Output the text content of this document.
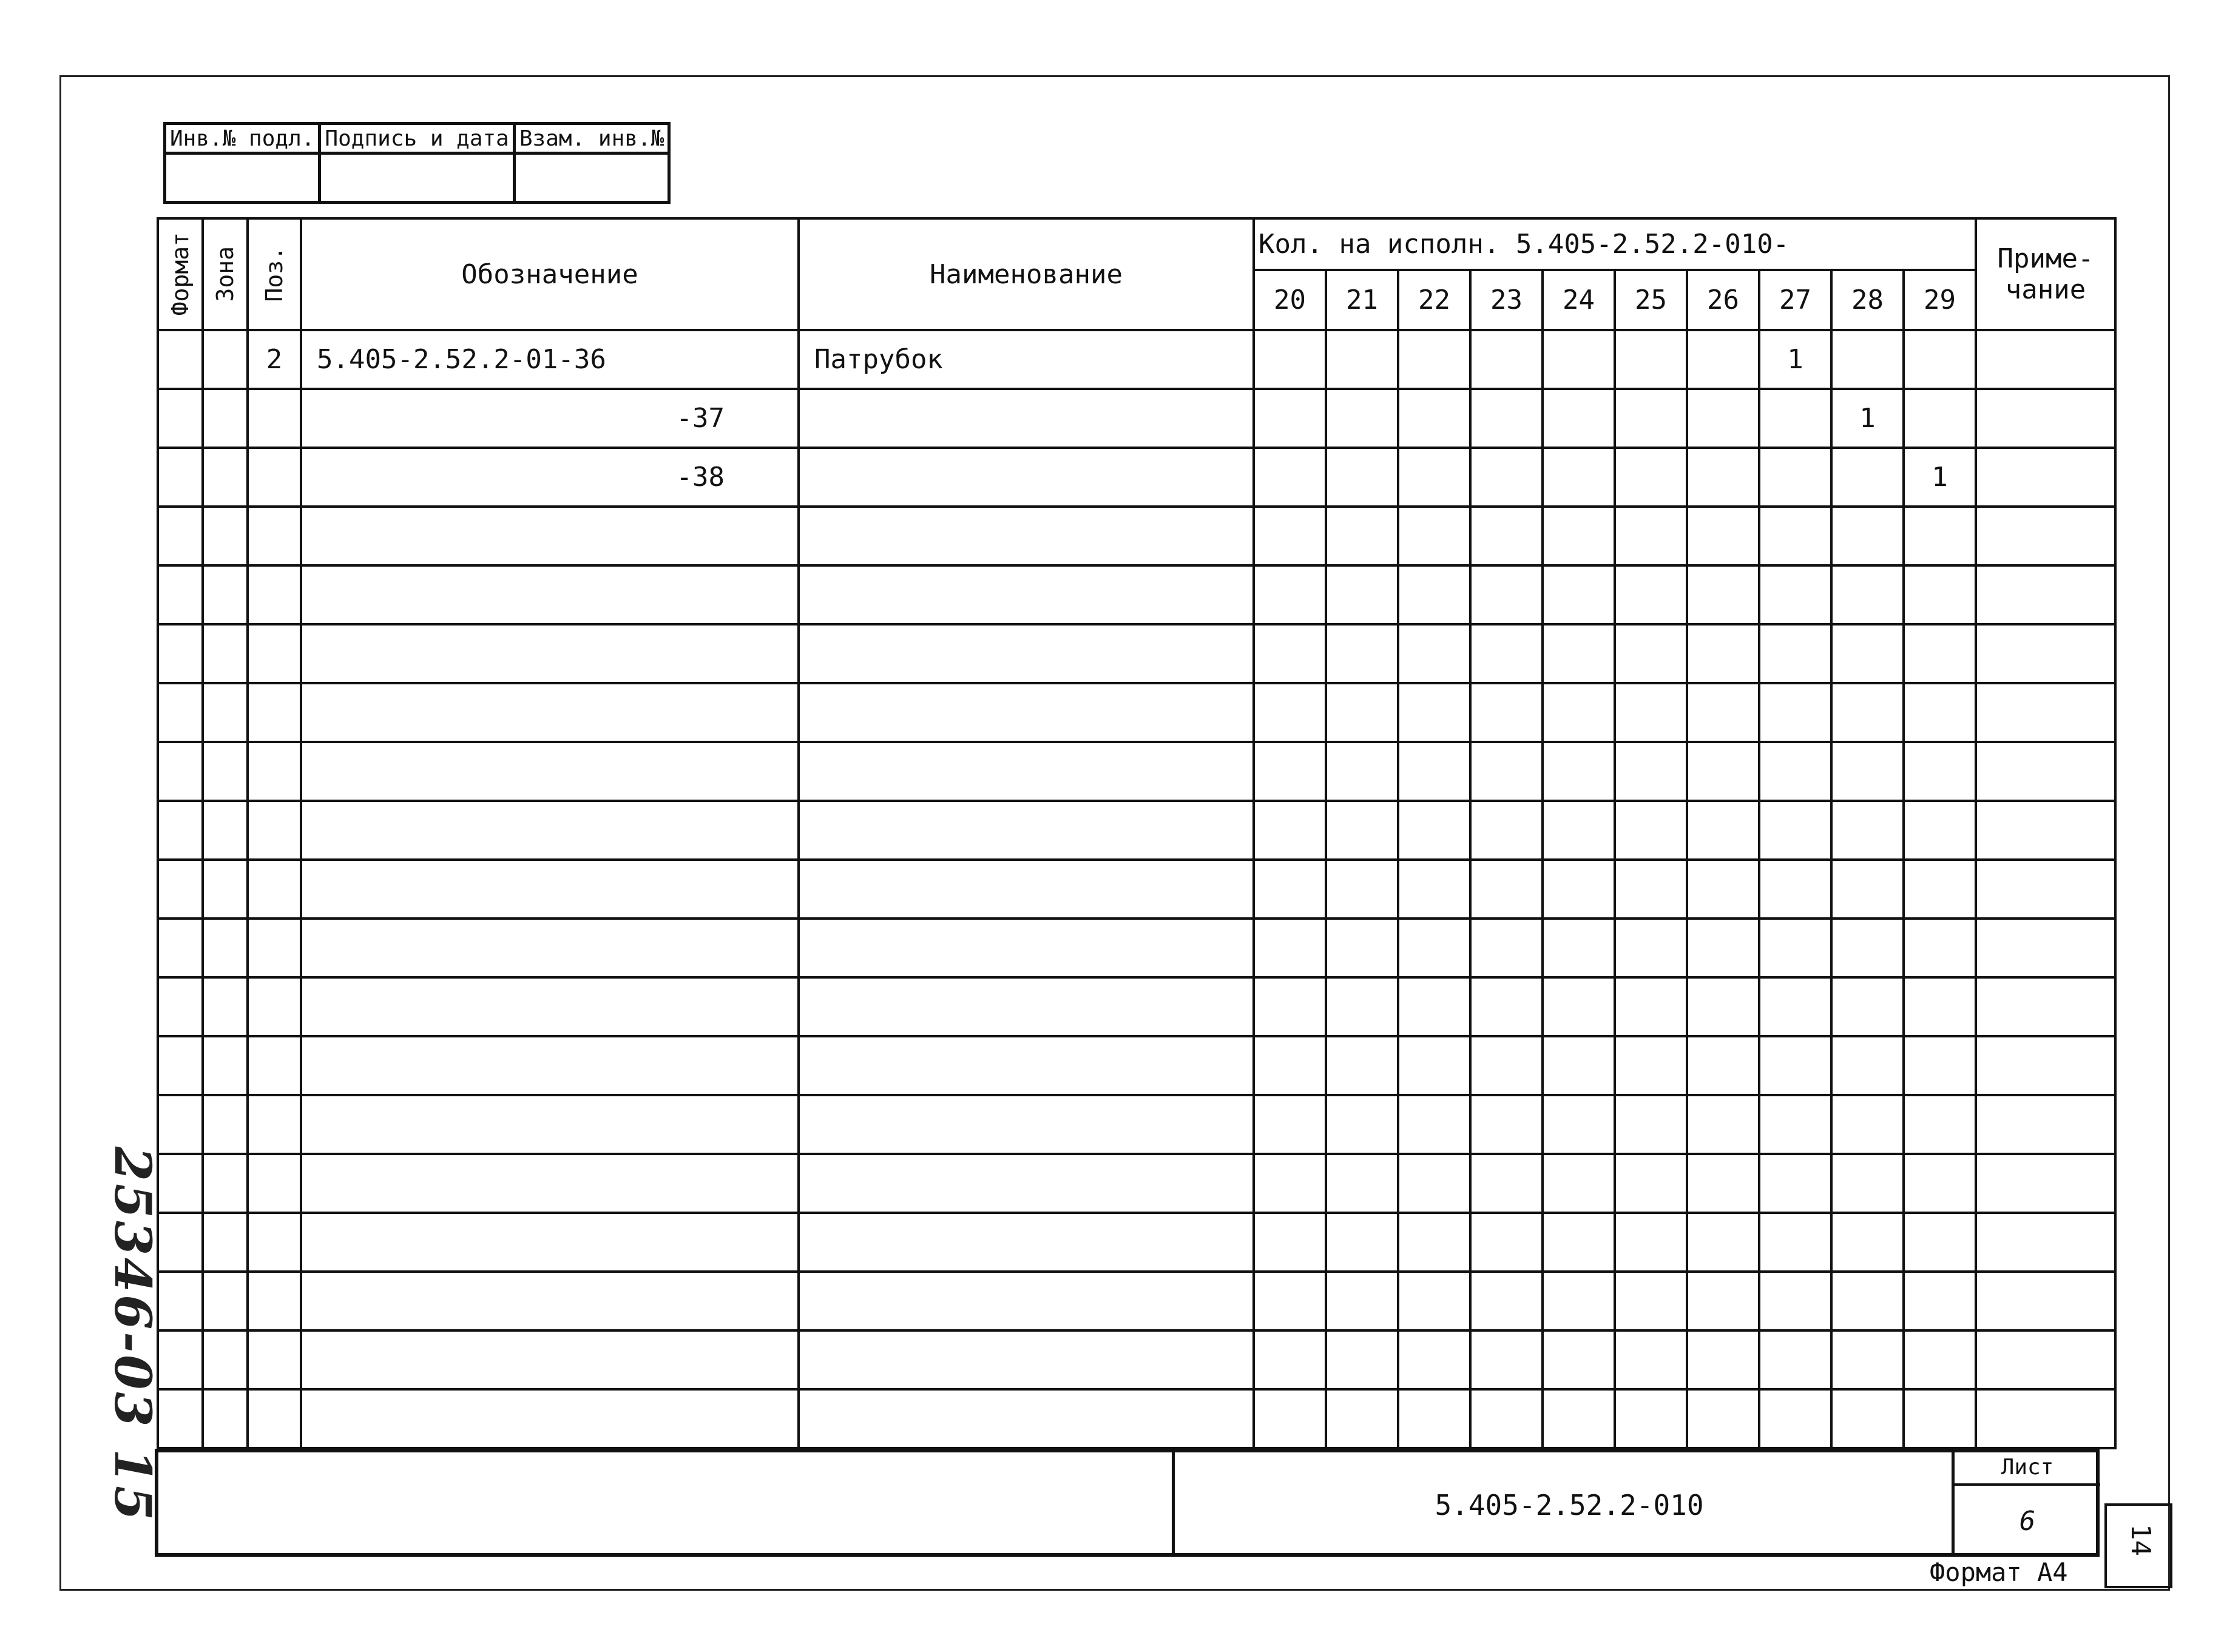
Инв.№ подл.	Подпись и дата	Взам. инв.№

Формат	Зона	Поз.	Обозначение	Наименование	Кол. на исполн. 5.405-2.52.2-010-										Приме-
чание

					20	21	22	23	24	25	26	27	28	29	
		2	5.405-2.52.2-01-36	Патрубок								1			
			-37										1		
			-38											1	

25346-03 15	5.405-2.52.2-010
Лист
6
Формат А4
14
